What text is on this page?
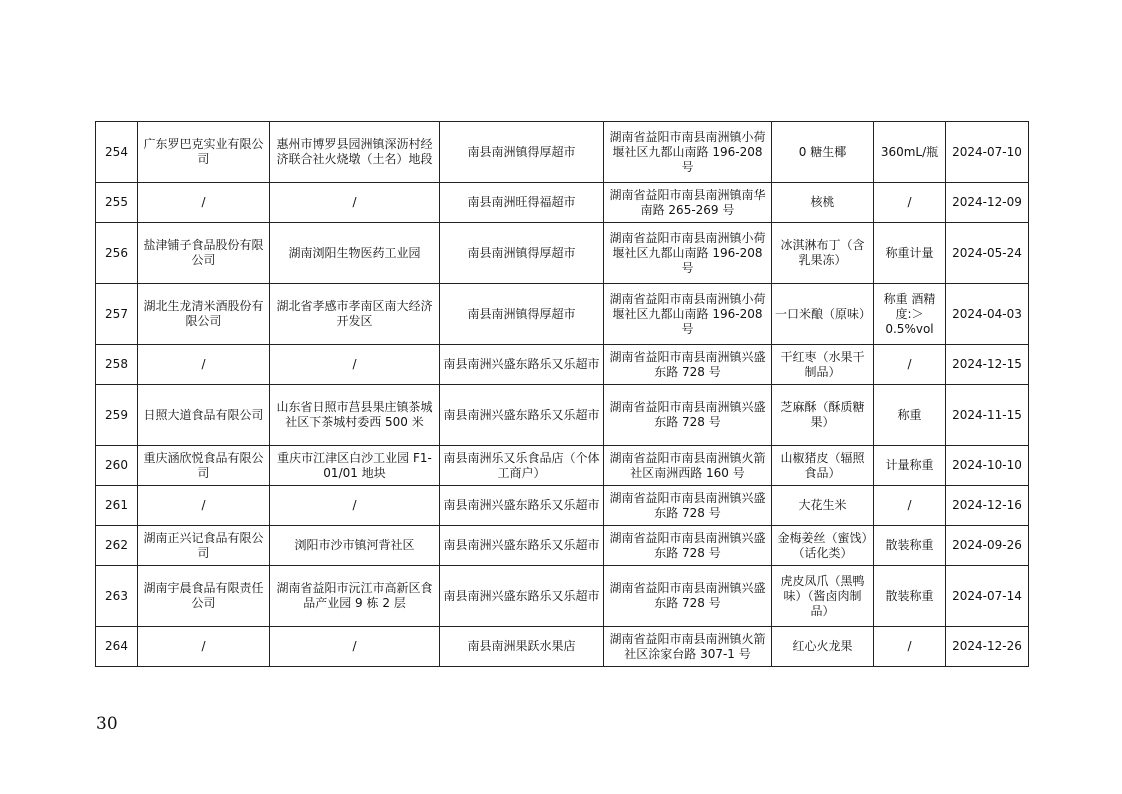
254	广东罗巴克实业有限公司	惠州市博罗县园洲镇深沥村经济联合社火烧墩（土名）地段	南县南洲镇得厚超市	湖南省益阳市南县南洲镇小荷堰社区九都山南路 196-208 号	0 糖生椰	360mL/瓶	2024-07-10
255	/	/	南县南洲旺得福超市	湖南省益阳市南县南洲镇南华南路 265-269 号	核桃	/	2024-12-09
256	盐津铺子食品股份有限公司	湖南浏阳生物医药工业园	南县南洲镇得厚超市	湖南省益阳市南县南洲镇小荷堰社区九都山南路 196-208 号	冰淇淋布丁（含乳果冻）	称重计量	2024-05-24
257	湖北生龙清米酒股份有限公司	湖北省孝感市孝南区南大经济开发区	南县南洲镇得厚超市	湖南省益阳市南县南洲镇小荷堰社区九都山南路 196-208 号	一口米酿（原味）	称重 酒精度:＞0.5%vol	2024-04-03
258	/	/	南县南洲兴盛东路乐又乐超市	湖南省益阳市南县南洲镇兴盛东路 728 号	干红枣（水果干制品）	/	2024-12-15
259	日照大道食品有限公司	山东省日照市莒县果庄镇茶城社区下茶城村委西 500 米	南县南洲兴盛东路乐又乐超市	湖南省益阳市南县南洲镇兴盛东路 728 号	芝麻酥（酥质糖果）	称重	2024-11-15
260	重庆涵欣悦食品有限公司	重庆市江津区白沙工业园 F1-01/01 地块	南县南洲乐又乐食品店（个体工商户）	湖南省益阳市南县南洲镇火箭社区南洲西路 160 号	山椒猪皮（辐照食品）	计量称重	2024-10-10
261	/	/	南县南洲兴盛东路乐又乐超市	湖南省益阳市南县南洲镇兴盛东路 728 号	大花生米	/	2024-12-16
262	湖南正兴记食品有限公司	浏阳市沙市镇河背社区	南县南洲兴盛东路乐又乐超市	湖南省益阳市南县南洲镇兴盛东路 728 号	金梅姜丝（蜜饯）（话化类）	散装称重	2024-09-26
263	湖南宇晨食品有限责任公司	湖南省益阳市沅江市高新区食品产业园 9 栋 2 层	南县南洲兴盛东路乐又乐超市	湖南省益阳市南县南洲镇兴盛东路 728 号	虎皮凤爪（黑鸭味）（酱卤肉制品）	散装称重	2024-07-14
264	/	/	南县南洲果跃水果店	湖南省益阳市南县南洲镇火箭社区涂家台路 307-1 号	红心火龙果	/	2024-12-26
30
